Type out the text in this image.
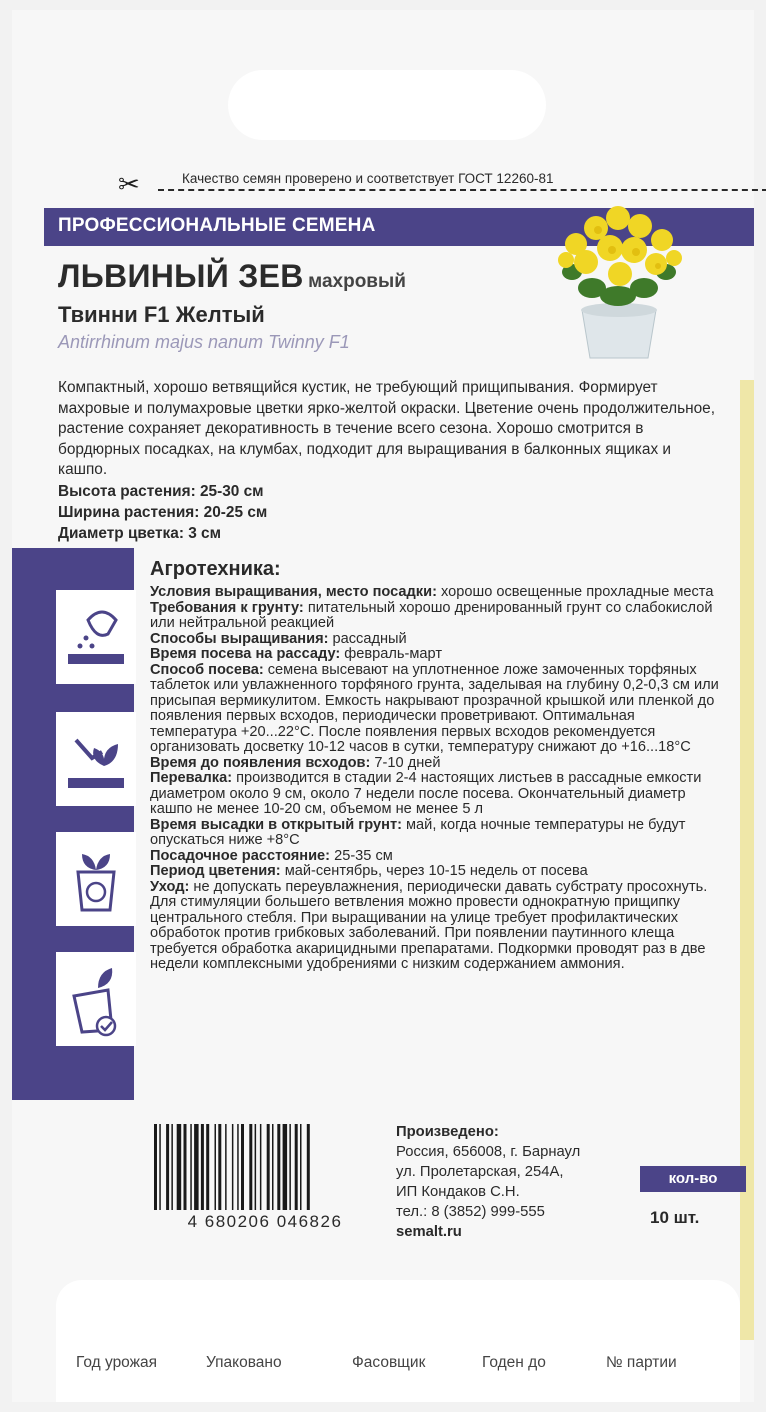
✂	Качество семян проверено и соответствует ГОСТ 12260-81
ПРОФЕССИОНАЛЬНЫЕ СЕМЕНА
ЛЬВИНЫЙ ЗЕВ махровый
Твинни F1 Желтый
Antirrhinum majus nanum Twinny F1

Компактный, хорошо ветвящийся кустик, не требующий прищипывания. Формирует махровые и полумахровые цветки ярко-желтой окраски. Цветение очень продолжительное, растение сохраняет декоративность в течение всего сезона. Хорошо смотрится в бордюрных посадках, на клумбах, подходит для выращивания в балконных ящиках и кашпо.

Высота растения: 25-30 см
Ширина растения: 20-25 см
Диаметр цветка: 3 см
Агротехника:

Условия выращивания, место посадки: хорошо освещенные прохладные места

Требования к грунту: питательный хорошо дренированный грунт со слабокислой или нейтральной реакцией

Способы выращивания: рассадный

Время посева на рассаду: февраль-март

Способ посева: семена высевают на уплотненное ложе замоченных торфяных таблеток или увлажненного торфяного грунта, заделывая на глубину 0,2-0,3 см или присыпая вермикулитом. Емкость накрывают прозрачной крышкой или пленкой до появления первых всходов, периодически проветривают. Оптимальная температура +20...22°С. После появления первых всходов рекомендуется организовать досветку 10-12 часов в сутки, температуру снижают до +16...18°С

Время до появления всходов: 7-10 дней

Перевалка: производится в стадии 2-4 настоящих листьев в рассадные емкости диаметром около 9 см, около 7 недели после посева. Окончательный диаметр кашпо не менее 10-20 см, объемом не менее 5 л

Время высадки в открытый грунт: май, когда ночные температуры не будут опускаться ниже +8°С

Посадочное расстояние: 25-35 см

Период цветения: май-сентябрь, через 10-15 недель от посева

Уход: не допускать переувлажнения, периодически давать субстрату просохнуть. Для стимуляции большего ветвления можно провести однократную прищипку центрального стебля. При выращивании на улице требует профилактических обработок против грибковых заболеваний. При появлении паутинного клеща требуется обработка акарицидными препаратами. Подкормки проводят раз в две недели комплексными удобрениями с низким содержанием аммония.

4 680206 046826
Произведено:
Россия, 656008, г. Барнаул
ул. Пролетарская, 254А,
ИП Кондаков С.Н.
тел.: 8 (3852) 999-555
semalt.ru
кол-во
10 шт.
Год урожая	Упаковано	Фасовщик	Годен до	№ партии
